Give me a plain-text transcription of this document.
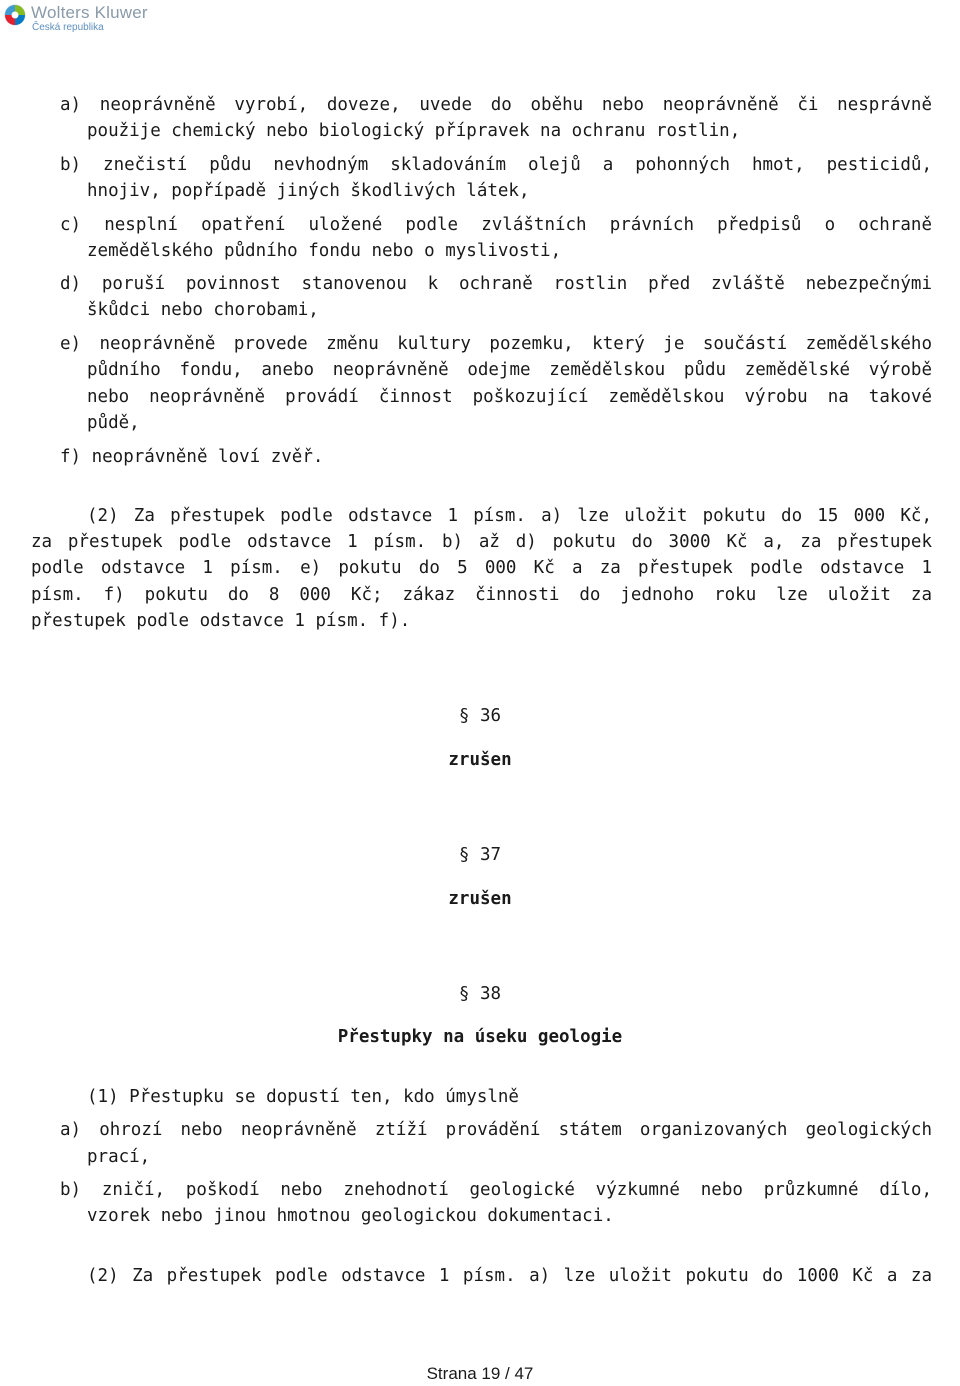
Wolters Kluwer
Česká republika
a) neoprávněně vyrobí, doveze, uvede do oběhu nebo neoprávněně či nesprávně
použije chemický nebo biologický přípravek na ochranu rostlin,
b) znečistí půdu nevhodným skladováním olejů a pohonných hmot, pesticidů,
hnojiv, popřípadě jiných škodlivých látek,
c) nesplní opatření uložené podle zvláštních právních předpisů o ochraně
zemědělského půdního fondu nebo o myslivosti,
d) poruší povinnost stanovenou k ochraně rostlin před zvláště nebezpečnými
škůdci nebo chorobami,
e) neoprávněně provede změnu kultury pozemku, který je součástí zemědělského
půdního fondu, anebo neoprávněně odejme zemědělskou půdu zemědělské výrobě
nebo neoprávněně provádí činnost poškozující zemědělskou výrobu na takové
půdě,
f) neoprávněně loví zvěř.
(2) Za přestupek podle odstavce 1 písm. a) lze uložit pokutu do 15 000 Kč,
za přestupek podle odstavce 1 písm. b) až d) pokutu do 3000 Kč a, za přestupek
podle odstavce 1 písm. e) pokutu do 5 000 Kč a za přestupek podle odstavce 1
písm. f) pokutu do 8 000 Kč; zákaz činnosti do jednoho roku lze uložit za
přestupek podle odstavce 1 písm. f).
§ 36
zrušen
§ 37
zrušen
§ 38
Přestupky na úseku geologie
(1) Přestupku se dopustí ten, kdo úmyslně
a) ohrozí nebo neoprávněně ztíží provádění státem organizovaných geologických
prací,
b) zničí, poškodí nebo znehodnotí geologické výzkumné nebo průzkumné dílo,
vzorek nebo jinou hmotnou geologickou dokumentaci.
(2) Za přestupek podle odstavce 1 písm. a) lze uložit pokutu do 1000 Kč a za
Strana 19 / 47
